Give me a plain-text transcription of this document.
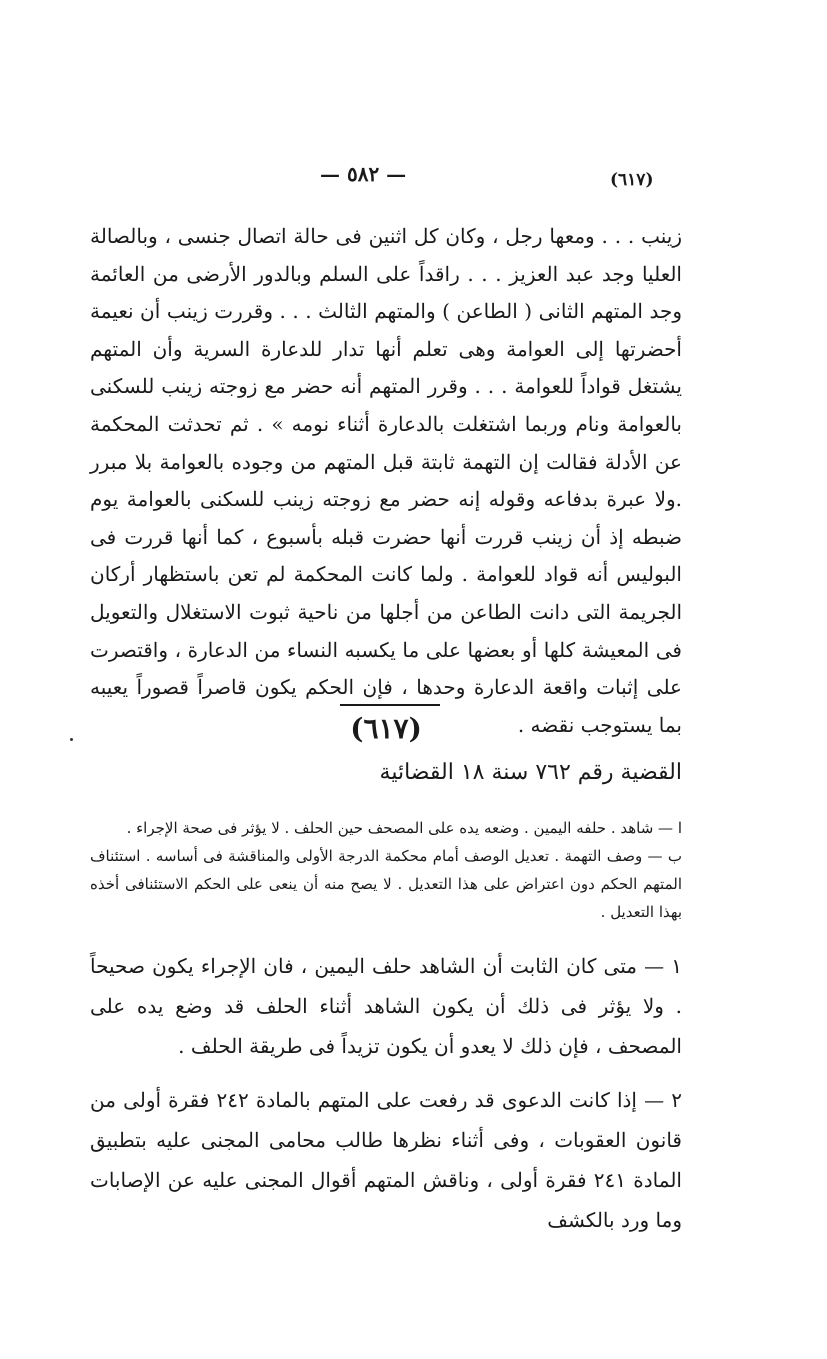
— ٥٨٢ —	(٦١٧)

زينب . . . ومعها رجل ، وكان كل اثنين فى حالة اتصال جنسى ، وبالصالة العليا وجد عبد العزيز . . . راقداً على السلم وبالدور الأرضى من العائمة وجد المتهم الثانى ( الطاعن ) والمتهم الثالث . . . وقررت زينب أن نعيمة أحضرتها إلى العوامة وهى تعلم أنها تدار للدعارة السرية وأن المتهم يشتغل قواداً للعوامة . . . وقرر المتهم أنه حضر مع زوجته زينب للسكنى بالعوامة ونام وربما اشتغلت بالدعارة أثناء نومه » . ثم تحدثت المحكمة عن الأدلة فقالت إن التهمة ثابتة قبل المتهم من وجوده بالعوامة بلا مبرر .ولا عبرة بدفاعه وقوله إنه حضر مع زوجته زينب للسكنى بالعوامة يوم ضبطه إذ أن زينب قررت أنها حضرت قبله بأسبوع ، كما أنها قررت فى البوليس أنه قواد للعوامة . ولما كانت المحكمة لم تعن باستظهار أركان الجريمة التى دانت الطاعن من أجلها من ناحية ثبوت الاستغلال والتعويل فى المعيشة كلها أو بعضها على ما يكسبه النساء من الدعارة ، واقتصرت على إثبات واقعة الدعارة وحدها ، فإن الحكم يكون قاصراً قصوراً يعيبه بما يستوجب نقضه .

(٦١٧)
القضية رقم ٧٦٢ سنة ١٨ القضائية

ا — شاهد . حلفه اليمين . وضعه يده على المصحف حين الحلف . لا يؤثر فى صحة الإجراء .

ب — وصف التهمة . تعديل الوصف أمام محكمة الدرجة الأولى والمناقشة فى أساسه . استئناف المتهم الحكم دون اعتراض على هذا التعديل . لا يصح منه أن ينعى على الحكم الاستئنافى أخذه بهذا التعديل .

١ — متى كان الثابت أن الشاهد حلف اليمين ، فان الإجراء يكون صحيحاً . ولا يؤثر فى ذلك أن يكون الشاهد أثناء الحلف قد وضع يده على المصحف ، فإن ذلك لا يعدو أن يكون تزيداً فى طريقة الحلف .

٢ — إذا كانت الدعوى قد رفعت على المتهم بالمادة ٢٤٢ فقرة أولى من قانون العقوبات ، وفى أثناء نظرها طالب محامى المجنى عليه بتطبيق المادة ٢٤١ فقرة أولى ، وناقش المتهم أقوال المجنى عليه عن الإصابات وما ورد بالكشف
